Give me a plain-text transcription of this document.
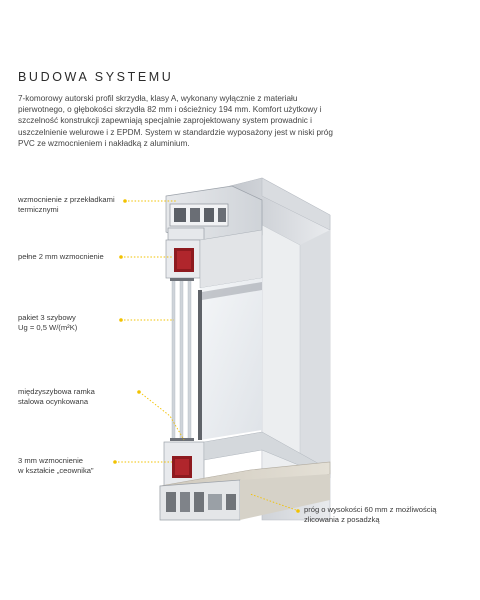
BUDOWA SYSTEMU

7-komorowy autorski profil skrzydła, klasy A, wykonany wyłącznie z materiału pierwotnego, o głębokości skrzydła 82 mm i ościeżnicy 194 mm. Komfort użytkowy i szczelność konstrukcji zapewniają specjalnie zaprojektowany system prowadnic i uszczelnienie welurowe i z EPDM. System w standardzie wyposażony jest w niski próg PVC ze wzmocnieniem i nakładką z aluminium.

wzmocnienie z przekładkami
termicznymi
pełne 2 mm wzmocnienie
pakiet 3 szybowy
Ug = 0,5 W/(m²K)
międzyszybowa ramka
stalowa ocynkowana
3 mm wzmocnienie
w kształcie „ceownika”
próg o wysokości 60 mm z możliwością
zlicowania z posadzką
